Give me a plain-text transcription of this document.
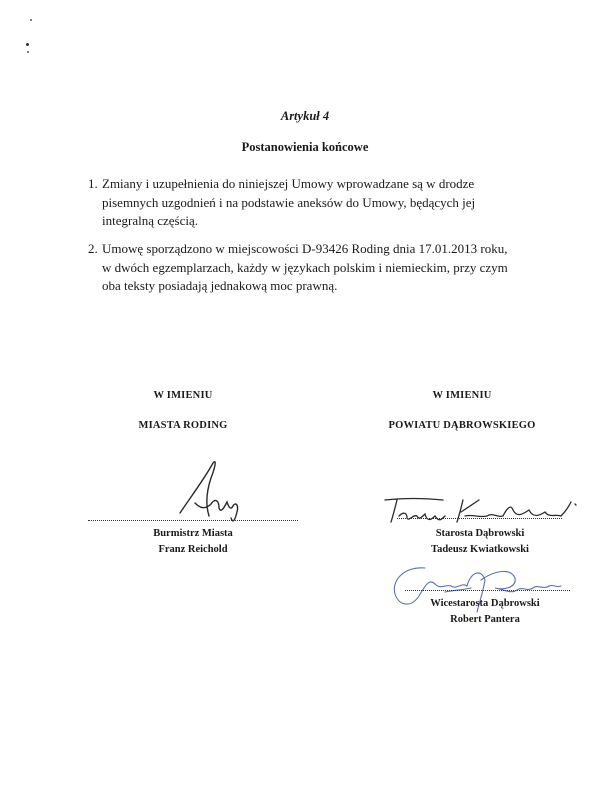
Artykuł 4
Postanowienia końcowe
1. Zmiany i uzupełnienia do niniejszej Umowy wprowadzane są w drodze
pisemnych uzgodnień i na podstawie aneksów do Umowy, będących jej
integralną częścią.
2. Umowę sporządzono w miejscowości D-93426 Roding dnia 17.01.2013 roku,
w dwóch egzemplarzach, każdy w językach polskim i niemieckim, przy czym
oba teksty posiadają jednakową moc prawną.
W IMIENIU
MIASTA RODING
Burmistrz Miasta
Franz Reichold
W IMIENIU
POWIATU DĄBROWSKIEGO
Starosta Dąbrowski
Tadeusz Kwiatkowski
Wicestarosta Dąbrowski
Robert Pantera
